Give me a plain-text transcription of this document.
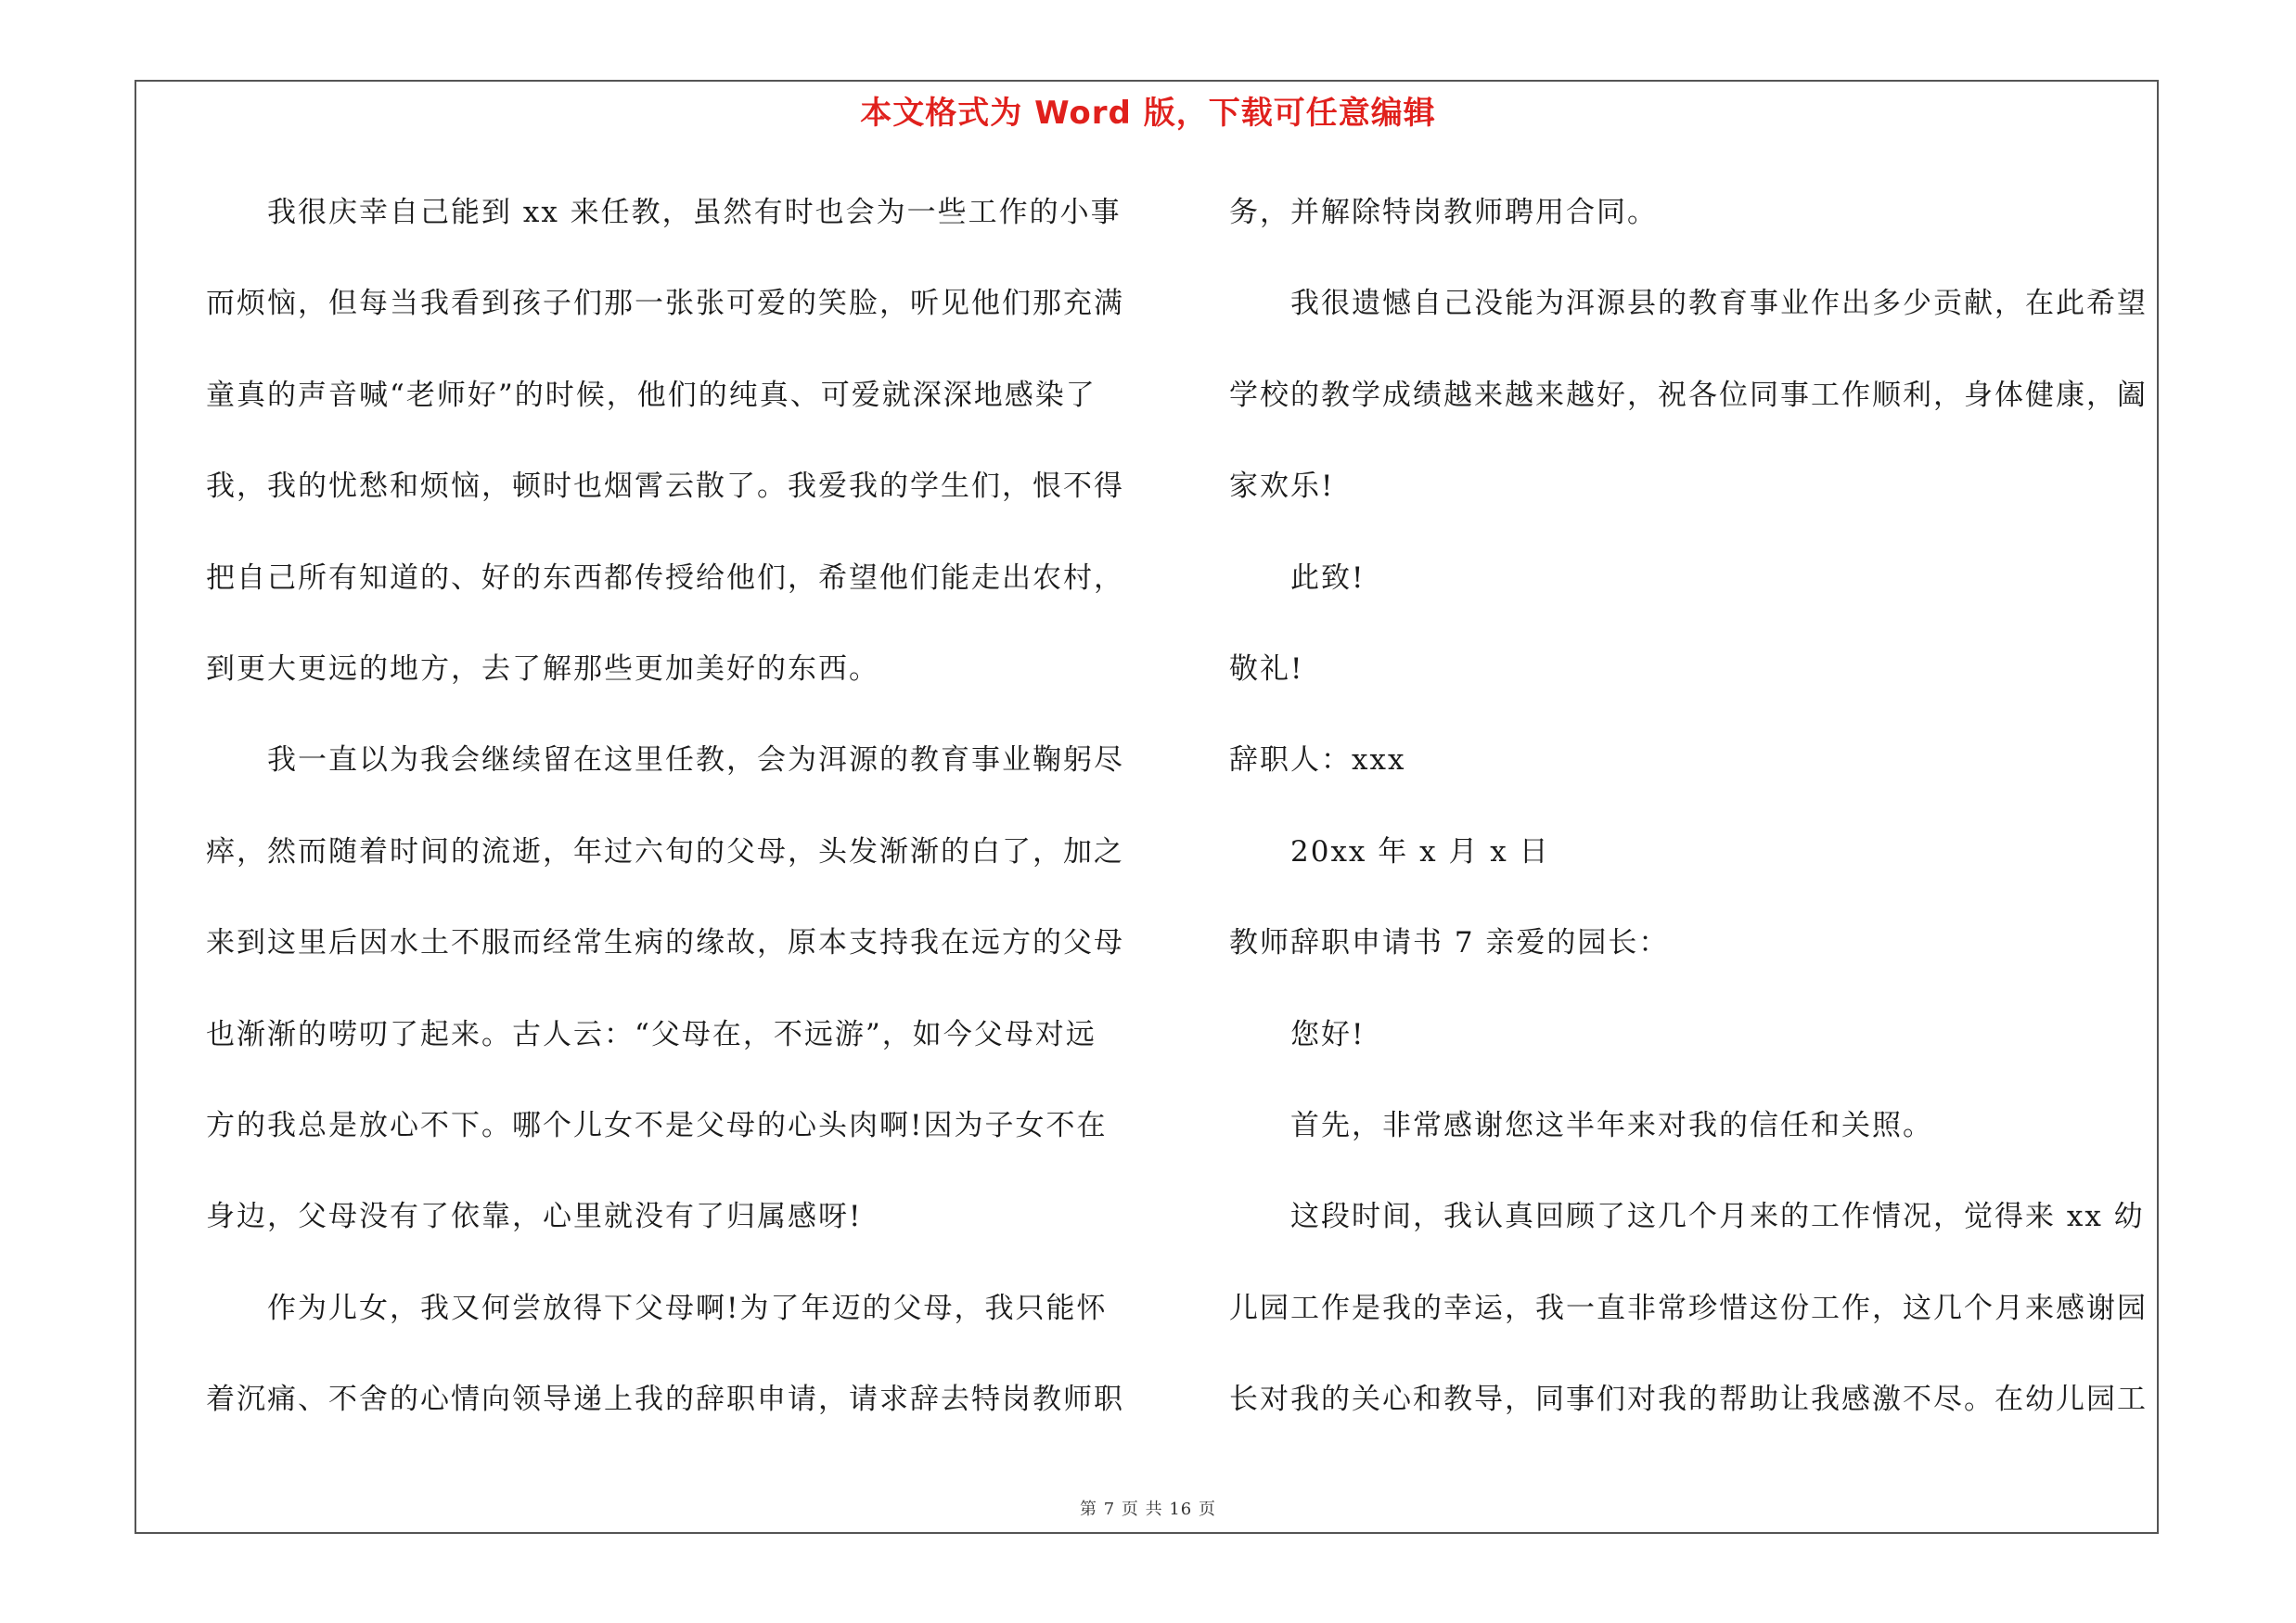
本文格式为 Word 版，下载可任意编辑
我很庆幸自己能到 xx 来任教，虽然有时也会为一些工作的小事
而烦恼，但每当我看到孩子们那一张张可爱的笑脸，听见他们那充满
童真的声音喊“老师好”的时候，他们的纯真、可爱就深深地感染了
我，我的忧愁和烦恼，顿时也烟霄云散了。我爱我的学生们，恨不得
把自己所有知道的、好的东西都传授给他们，希望他们能走出农村，
到更大更远的地方，去了解那些更加美好的东西。
我一直以为我会继续留在这里任教，会为洱源的教育事业鞠躬尽
瘁，然而随着时间的流逝，年过六旬的父母，头发渐渐的白了，加之
来到这里后因水土不服而经常生病的缘故，原本支持我在远方的父母
也渐渐的唠叨了起来。古人云：“父母在，不远游”，如今父母对远
方的我总是放心不下。哪个儿女不是父母的心头肉啊!因为子女不在
身边，父母没有了依靠，心里就没有了归属感呀!
作为儿女，我又何尝放得下父母啊!为了年迈的父母，我只能怀
着沉痛、不舍的心情向领导递上我的辞职申请，请求辞去特岗教师职
务，并解除特岗教师聘用合同。
我很遗憾自己没能为洱源县的教育事业作出多少贡献，在此希望
学校的教学成绩越来越来越好，祝各位同事工作顺利，身体健康，阖
家欢乐!
此致!
敬礼!
辞职人：xxx
20xx 年 x 月 x 日
教师辞职申请书 7 亲爱的园长：
您好!
首先，非常感谢您这半年来对我的信任和关照。
这段时间，我认真回顾了这几个月来的工作情况，觉得来 xx 幼
儿园工作是我的幸运，我一直非常珍惜这份工作，这几个月来感谢园
长对我的关心和教导，同事们对我的帮助让我感激不尽。在幼儿园工
第 7 页 共 16 页
